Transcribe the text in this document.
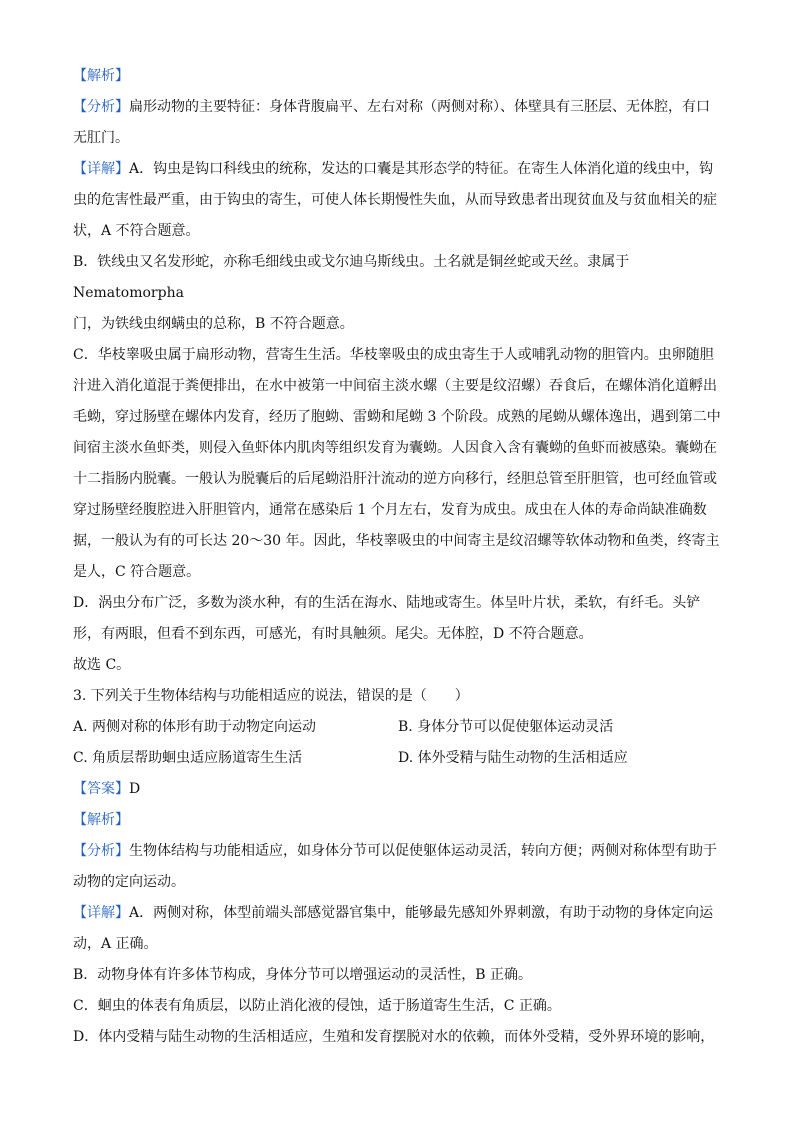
【解析】

【分析】扁形动物的主要特征：身体背腹扁平、左右对称（两侧对称）、体壁具有三胚层、无体腔，有口

无肛门。

【详解】A．钩虫是钩口科线虫的统称，发达的口囊是其形态学的特征。在寄生人体消化道的线虫中，钩

虫的危害性最严重，由于钩虫的寄生，可使人体长期慢性失血，从而导致患者出现贫血及与贫血相关的症

状，A 不符合题意。

B．铁线虫又名发形蛇，亦称毛细线虫或戈尔迪乌斯线虫。土名就是铜丝蛇或天丝。隶属于 Nematomorpha

门，为铁线虫纲螨虫的总称，B 不符合题意。

C．华枝睾吸虫属于扁形动物，营寄生生活。华枝睾吸虫的成虫寄生于人或哺乳动物的胆管内。虫卵随胆

汁进入消化道混于粪便排出，在水中被第一中间宿主淡水螺（主要是纹沼螺）吞食后，在螺体消化道孵出

毛蚴，穿过肠壁在螺体内发育，经历了胞蚴、雷蚴和尾蚴 3 个阶段。成熟的尾蚴从螺体逸出，遇到第二中

间宿主淡水鱼虾类，则侵入鱼虾体内肌肉等组织发育为囊蚴。人因食入含有囊蚴的鱼虾而被感染。囊蚴在

十二指肠内脱囊。一般认为脱囊后的后尾蚴沿肝汁流动的逆方向移行，经胆总管至肝胆管，也可经血管或

穿过肠壁经腹腔进入肝胆管内，通常在感染后 1 个月左右，发育为成虫。成虫在人体的寿命尚缺准确数

据，一般认为有的可长达 20～30 年。因此，华枝睾吸虫的中间寄主是纹沼螺等软体动物和鱼类，终寄主

是人，C 符合题意。

D．涡虫分布广泛，多数为淡水种，有的生活在海水、陆地或寄生。体呈叶片状，柔软，有纤毛。头铲

形，有两眼，但看不到东西，可感光，有时具触须。尾尖。无体腔，D 不符合题意。

故选 C。

3. 下列关于生物体结构与功能相适应的说法，错误的是（　　）

A. 两侧对称的体形有助于动物定向运动	B. 身体分节可以促使躯体运动灵活
C. 角质层帮助蛔虫适应肠道寄生生活	D. 体外受精与陆生动物的生活相适应

【答案】D

【解析】

【分析】生物体结构与功能相适应，如身体分节可以促使躯体运动灵活，转向方便；两侧对称体型有助于

动物的定向运动。

【详解】A．两侧对称，体型前端头部感觉器官集中，能够最先感知外界刺激，有助于动物的身体定向运

动，A 正确。

B．动物身体有许多体节构成，身体分节可以增强运动的灵活性，B 正确。

C．蛔虫的体表有角质层，以防止消化液的侵蚀，适于肠道寄生生活，C 正确。

D．体内受精与陆生动物的生活相适应，生殖和发育摆脱对水的依赖，而体外受精，受外界环境的影响，
